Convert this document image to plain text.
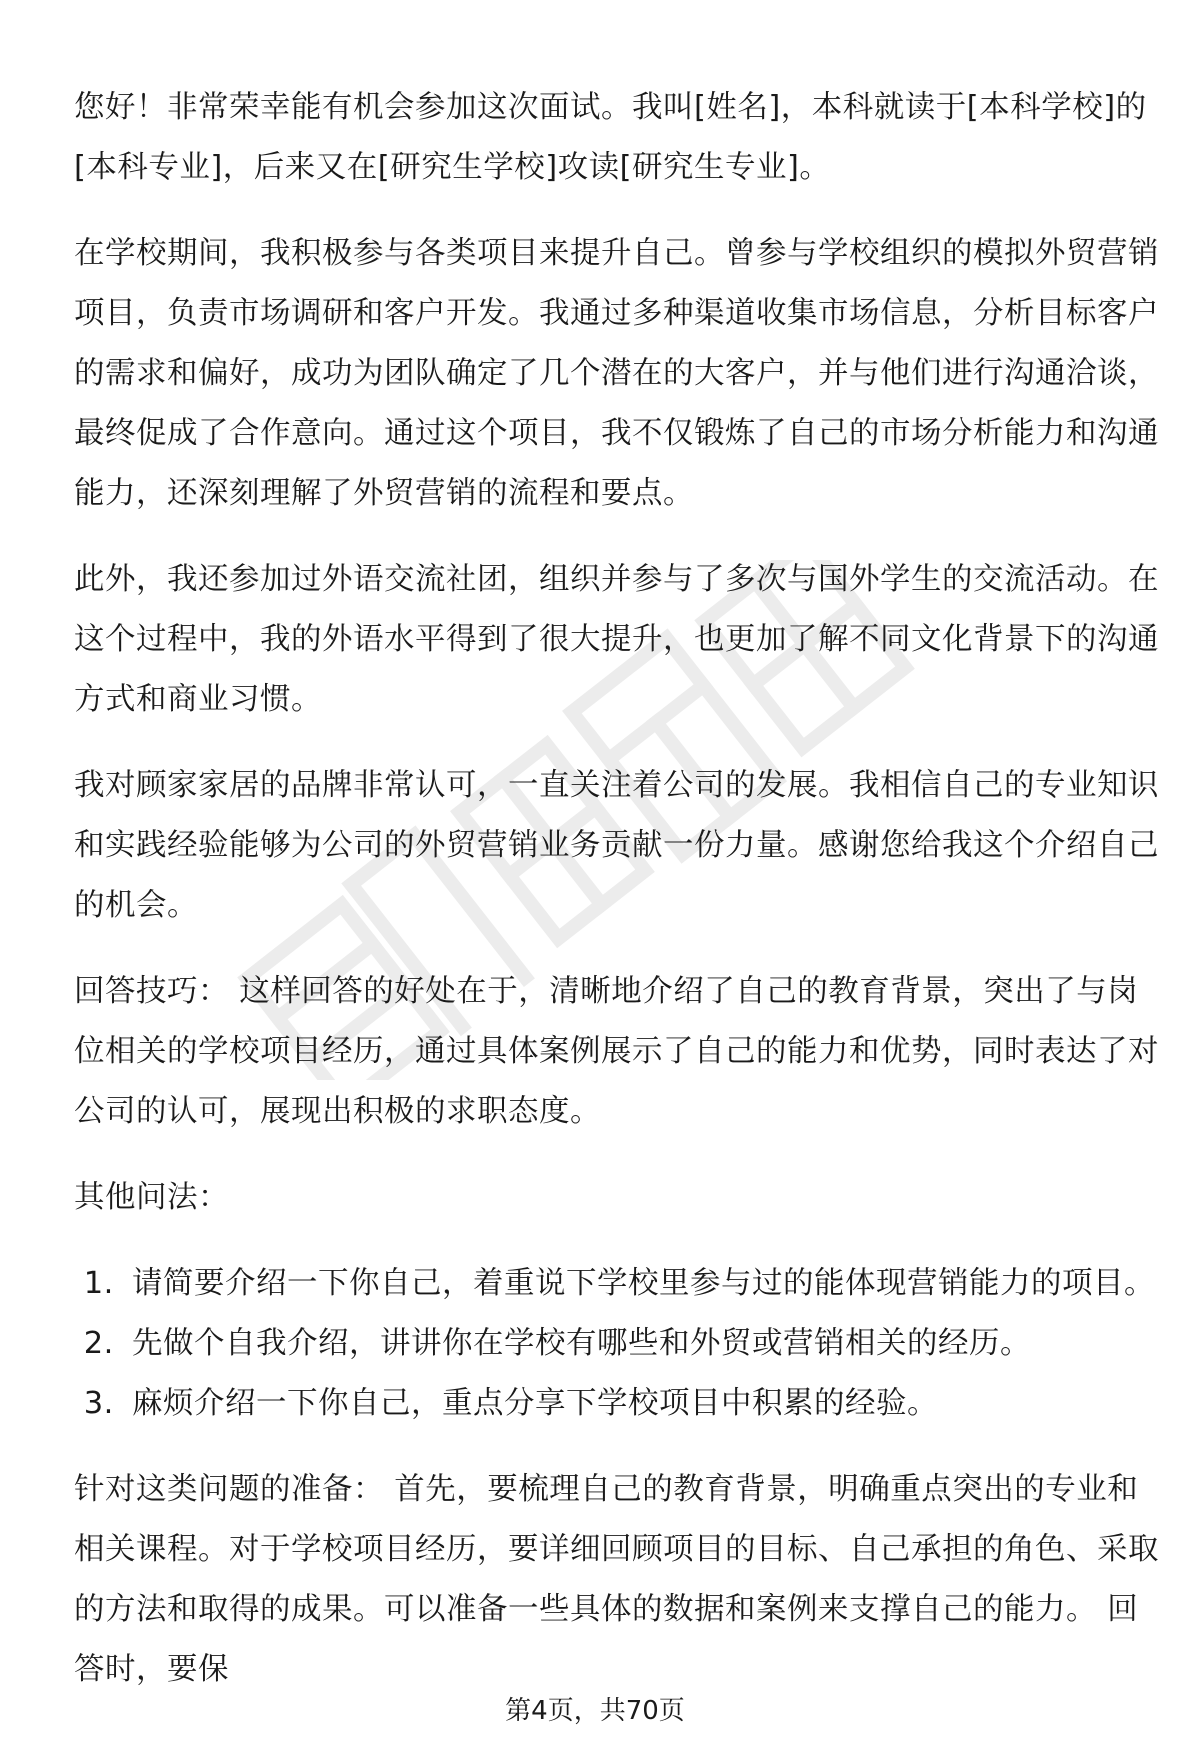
您好！非常荣幸能有机会参加这次面试。我叫[姓名]，本科就读于[本科学校]的[本科专业]，后来又在[研究生学校]攻读[研究生专业]。

在学校期间，我积极参与各类项目来提升自己。曾参与学校组织的模拟外贸营销项目，负责市场调研和客户开发。我通过多种渠道收集市场信息，分析目标客户的需求和偏好，成功为团队确定了几个潜在的大客户，并与他们进行沟通洽谈，最终促成了合作意向。通过这个项目，我不仅锻炼了自己的市场分析能力和沟通能力，还深刻理解了外贸营销的流程和要点。

此外，我还参加过外语交流社团，组织并参与了多次与国外学生的交流活动。在这个过程中，我的外语水平得到了很大提升，也更加了解不同文化背景下的沟通方式和商业习惯。

我对顾家家居的品牌非常认可，一直关注着公司的发展。我相信自己的专业知识和实践经验能够为公司的外贸营销业务贡献一份力量。感谢您给我这个介绍自己的机会。

回答技巧： 这样回答的好处在于，清晰地介绍了自己的教育背景，突出了与岗位相关的学校项目经历，通过具体案例展示了自己的能力和优势，同时表达了对公司的认可，展现出积极的求职态度。

其他问法：

1. 请简要介绍一下你自己，着重说下学校里参与过的能体现营销能力的项目。
2. 先做个自我介绍，讲讲你在学校有哪些和外贸或营销相关的经历。
3. 麻烦介绍一下你自己，重点分享下学校项目中积累的经验。

针对这类问题的准备： 首先，要梳理自己的教育背景，明确重点突出的专业和相关课程。对于学校项目经历，要详细回顾项目的目标、自己承担的角色、采取的方法和取得的成果。可以准备一些具体的数据和案例来支撑自己的能力。 回答时，要保

第4页，共70页
